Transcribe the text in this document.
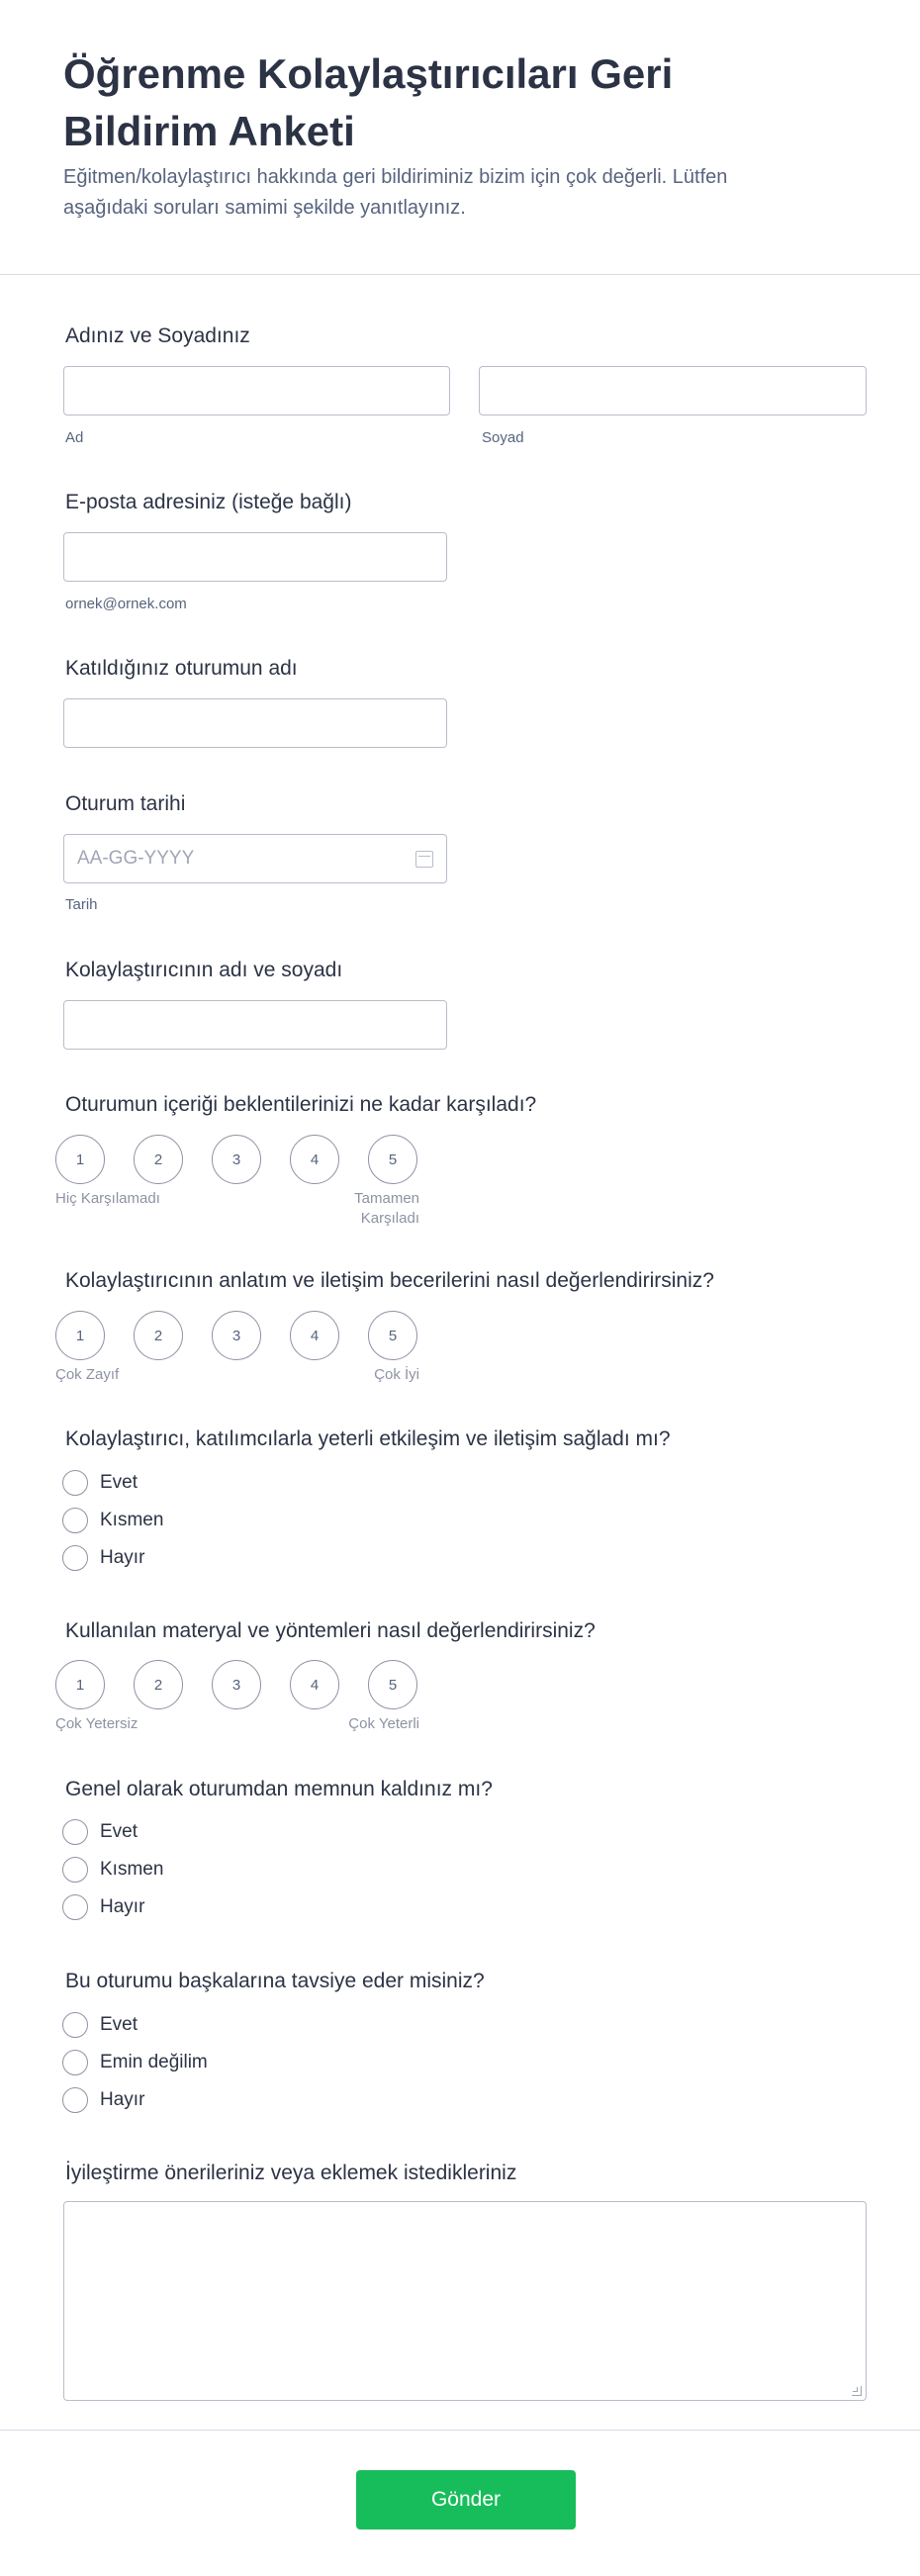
Öğrenme Kolaylaştırıcıları Geri Bildirim Anketi

Eğitmen/kolaylaştırıcı hakkında geri bildiriminiz bizim için çok değerli. Lütfen aşağıdaki soruları samimi şekilde yanıtlayınız.

Adınız ve Soyadınız
Ad	Soyad
E-posta adresiniz (isteğe bağlı)
ornek@ornek.com
Katıldığınız oturumun adı
Oturum tarihi
AA-GG-YYYY
Tarih
Kolaylaştırıcının adı ve soyadı
Oturumun içeriği beklentilerinizi ne kadar karşıladı?
1	2	3	4	5
Hiç Karşılamadı	Tamamen Karşıladı
Kolaylaştırıcının anlatım ve iletişim becerilerini nasıl değerlendirirsiniz?
1	2	3	4	5
Çok Zayıf	Çok İyi
Kolaylaştırıcı, katılımcılarla yeterli etkileşim ve iletişim sağladı mı?
Evet
Kısmen
Hayır
Kullanılan materyal ve yöntemleri nasıl değerlendirirsiniz?
1	2	3	4	5
Çok Yetersiz	Çok Yeterli
Genel olarak oturumdan memnun kaldınız mı?
Evet
Kısmen
Hayır
Bu oturumu başkalarına tavsiye eder misiniz?
Evet
Emin değilim
Hayır
İyileştirme önerileriniz veya eklemek istedikleriniz
Gönder
